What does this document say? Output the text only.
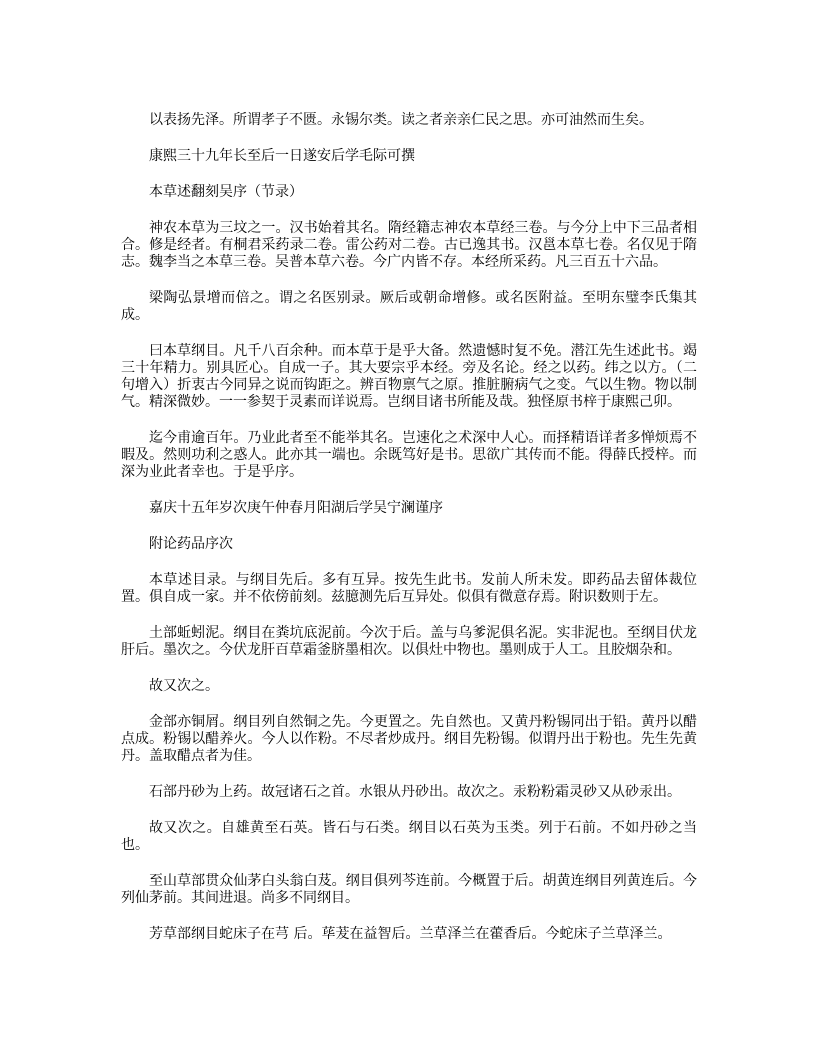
以表扬先泽。所谓孝子不匮。永锡尔类。读之者亲亲仁民之思。亦可油然而生矣。

康熙三十九年长至后一日遂安后学毛际可撰

本草述翻刻吴序（节录）

神农本草为三坟之一。汉书始着其名。隋经籍志神农本草经三卷。与今分上中下三品者相合。修是经者。有桐君采药录二卷。雷公药对二卷。古已逸其书。汉邕本草七卷。名仅见于隋志。魏李当之本草三卷。吴普本草六卷。今广内皆不存。本经所采药。凡三百五十六品。

梁陶弘景增而倍之。谓之名医别录。厥后或朝命增修。或名医附益。至明东璧李氏集其成。

曰本草纲目。凡千八百余种。而本草于是乎大备。然遗憾时复不免。潜江先生述此书。竭三十年精力。别具匠心。自成一子。其大要宗乎本经。旁及名论。经之以药。纬之以方。（二句增入）折衷古今同异之说而钩距之。辨百物禀气之原。推脏腑病气之变。气以生物。物以制气。精深微妙。一一参契于灵素而详说焉。岂纲目诸书所能及哉。独怪原书梓于康熙己卯。

迄今甫逾百年。乃业此者至不能举其名。岂速化之术深中人心。而择精语详者多惮烦焉不暇及。然则功利之惑人。此亦其一端也。余既笃好是书。思欲广其传而不能。得薛氏授梓。而深为业此者幸也。于是乎序。

嘉庆十五年岁次庚午仲春月阳湖后学吴宁澜谨序

附论药品序次

本草述目录。与纲目先后。多有互异。按先生此书。发前人所未发。即药品去留体裁位置。俱自成一家。并不依傍前刻。兹臆测先后互异处。似俱有微意存焉。附识数则于左。

土部蚯蚓泥。纲目在粪坑底泥前。今次于后。盖与乌爹泥俱名泥。实非泥也。至纲目伏龙肝后。墨次之。今伏龙肝百草霜釜脐墨相次。以俱灶中物也。墨则成于人工。且胶烟杂和。

故又次之。

金部亦铜屑。纲目列自然铜之先。今更置之。先自然也。又黄丹粉锡同出于铅。黄丹以醋点成。粉锡以醋养火。今人以作粉。不尽者炒成丹。纲目先粉锡。似谓丹出于粉也。先生先黄丹。盖取醋点者为佳。

石部丹砂为上药。故冠诸石之首。水银从丹砂出。故次之。汞粉粉霜灵砂又从砂汞出。

故又次之。自雄黄至石英。皆石与石类。纲目以石英为玉类。列于石前。不如丹砂之当也。

至山草部贯众仙茅白头翁白芨。纲目俱列芩连前。今概置于后。胡黄连纲目列黄连后。今列仙茅前。其间进退。尚多不同纲目。

芳草部纲目蛇床子在芎 后。荜茇在益智后。兰草泽兰在藿香后。今蛇床子兰草泽兰。
